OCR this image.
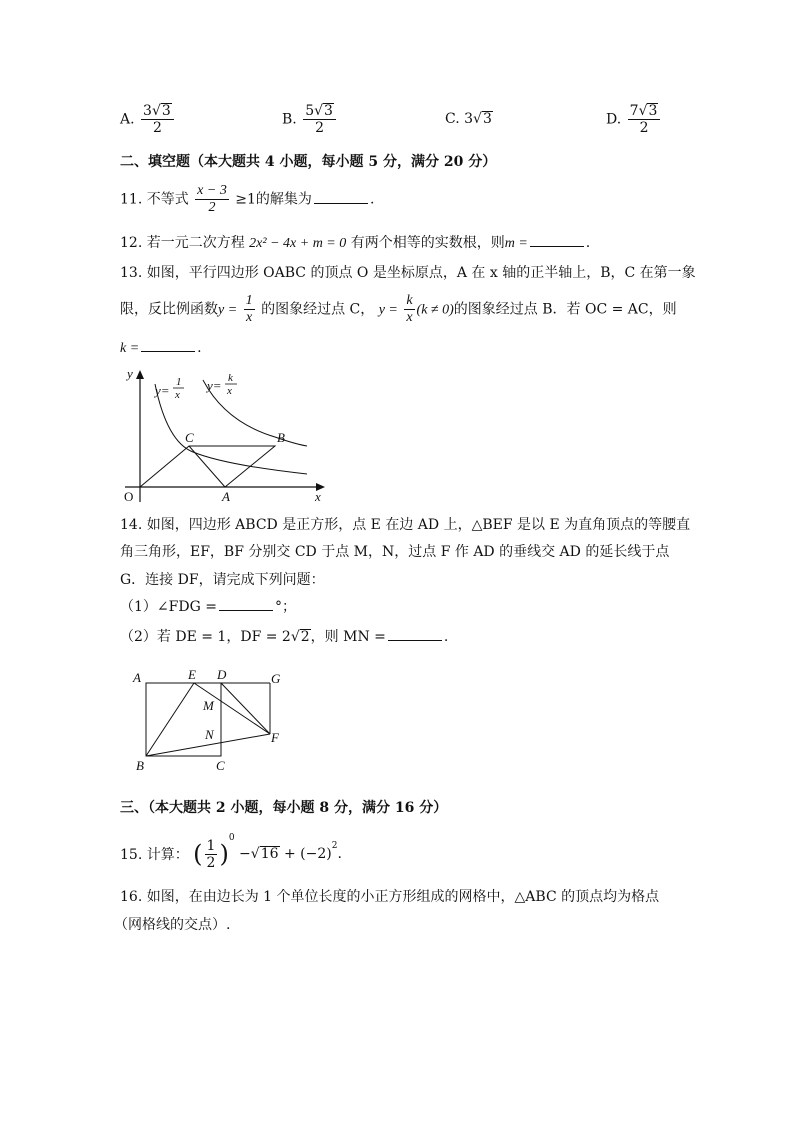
A. $\frac{3√3}{2}$	B. $\frac{5√3}{2}$	C. 3√3	D. $\frac{7√3}{2}$
二、填空题（本大题共 4 小题，每小题 5 分，满分 20 分）
11. 不等式 $\frac{x - 3}{2} \ge 1$的解集为	.
12. 若一元二次方程 2x² − 4x + m = 0 有两个相等的实数根，则m =	.
13. 如图，平行四边形 OABC 的顶点 O 是坐标原点，A 在 x 轴的正半轴上，B，C 在第一象
限，反比例函数$y = \frac{1}{x}$ 的图象经过点 C， $y = \frac{k}{x} (k \ne 0)$的图象经过点 B．若 OC = AC，则
k =	.
y
x
O
C	B
A
y=
1
x
y= k
x
14. 如图，四边形 ABCD 是正方形，点 E 在边 AD 上，△BEF 是以 E 为直角顶点的等腰直
角三角形，EF，BF 分别交 CD 于点 M，N，过点 F 作 AD 的垂线交 AD 的延长线于点
G．连接 DF，请完成下列问题：
（1）∠FDG =	°；
（2）若 DE = 1，DF = 2√2，则 MN =	.
A	E D	G
M
N	F
B	C
三、（本大题共 2 小题，每小题 8 分，满分 16 分）
15. 计算： ( $\frac{1}{2} )^0 -√16 + (-2)^2$.
16. 如图，在由边长为 1 个单位长度的小正方形组成的网格中，△ABC 的顶点均为格点
（网格线的交点）.
